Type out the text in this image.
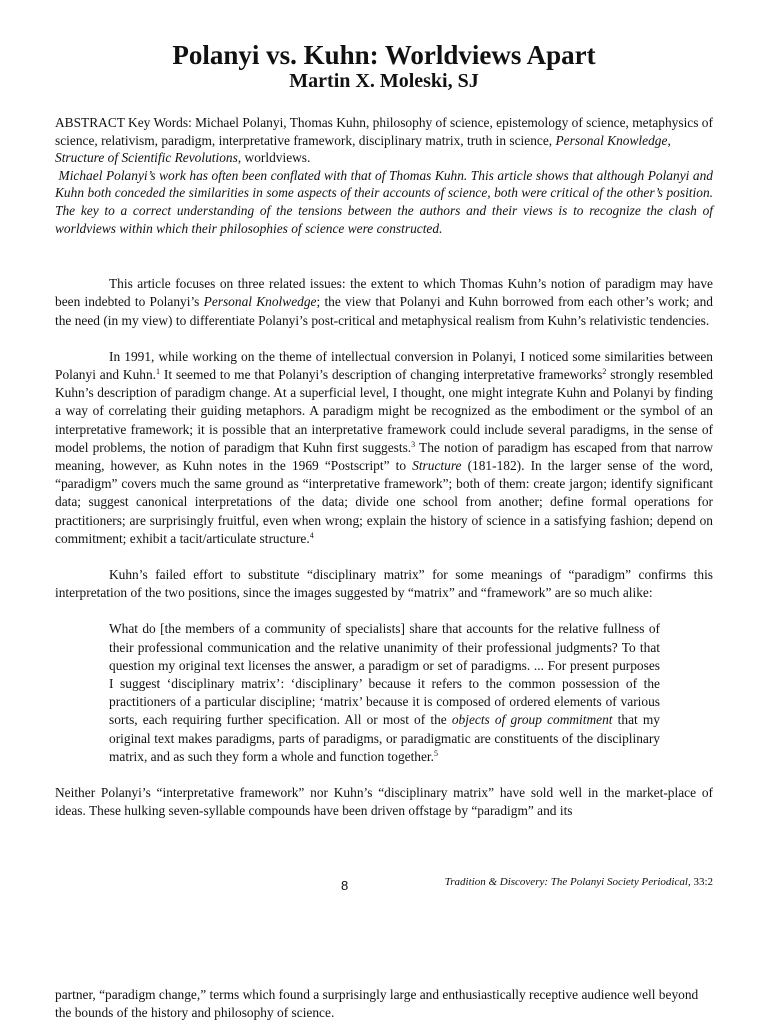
Polanyi vs. Kuhn: Worldviews Apart
Martin X. Moleski, SJ

ABSTRACT Key Words: Michael Polanyi, Thomas Kuhn, philosophy of science, epistemology of science, metaphysics of science, relativism, paradigm, interpretative framework, disciplinary matrix, truth in science, Personal Knowledge, Structure of Scientific Revolutions, worldviews.

Michael Polanyi’s work has often been conflated with that of Thomas Kuhn. This article shows that although Polanyi and Kuhn both conceded the similarities in some aspects of their accounts of science, both were critical of the other’s position. The key to a correct understanding of the tensions between the authors and their views is to recognize the clash of worldviews within which their philosophies of science were constructed.

This article focuses on three related issues: the extent to which Thomas Kuhn’s notion of paradigm may have been indebted to Polanyi’s Personal Knolwedge; the view that Polanyi and Kuhn borrowed from each other’s work; and the need (in my view) to differentiate Polanyi’s post-critical and metaphysical realism from Kuhn’s relativistic tendencies.

In 1991, while working on the theme of intellectual conversion in Polanyi, I noticed some similarities between Polanyi and Kuhn.$^1$ It seemed to me that Polanyi’s description of changing interpretative frameworks$^2$ strongly resembled Kuhn’s description of paradigm change. At a superficial level, I thought, one might integrate Kuhn and Polanyi by finding a way of correlating their guiding metaphors. A paradigm might be recognized as the embodiment or the symbol of an interpretative framework; it is possible that an interpretative framework could include several paradigms, in the sense of model problems, the notion of paradigm that Kuhn first suggests.$^3$ The notion of paradigm has escaped from that narrow meaning, however, as Kuhn notes in the 1969 “Postscript” to Structure (181-182). In the larger sense of the word, “paradigm” covers much the same ground as “interpretative framework”; both of them: create jargon; identify significant data; suggest canonical interpretations of the data; divide one school from another; define formal operations for practitioners; are surprisingly fruitful, even when wrong; explain the history of science in a satisfying fashion; depend on commitment; exhibit a tacit/articulate structure.$^4$

Kuhn’s failed effort to substitute “disciplinary matrix” for some meanings of “paradigm” confirms this interpretation of the two positions, since the images suggested by “matrix” and “framework” are so much alike:

What do [the members of a community of specialists] share that accounts for the relative fullness of their professional communication and the relative unanimity of their professional judgments? To that question my original text licenses the answer, a paradigm or set of paradigms. ... For present purposes I suggest ‘disciplinary matrix’: ‘disciplinary’ because it refers to the common possession of the practitioners of a particular discipline; ‘matrix’ because it is composed of ordered elements of various sorts, each requiring further specification. All or most of the objects of group commitment that my original text makes paradigms, parts of paradigms, or paradigmatic are constituents of the disciplinary matrix, and as such they form a whole and function together.$^5$

Neither Polanyi’s “interpretative framework” nor Kuhn’s “disciplinary matrix” have sold well in the market-place of ideas. These hulking seven-syllable compounds have been driven offstage by “paradigm” and its

8	Tradition & Discovery: The Polanyi Society Periodical, 33:2

partner, “paradigm change,” terms which found a surprisingly large and enthusiastically receptive audience well beyond the bounds of the history and philosophy of science.
